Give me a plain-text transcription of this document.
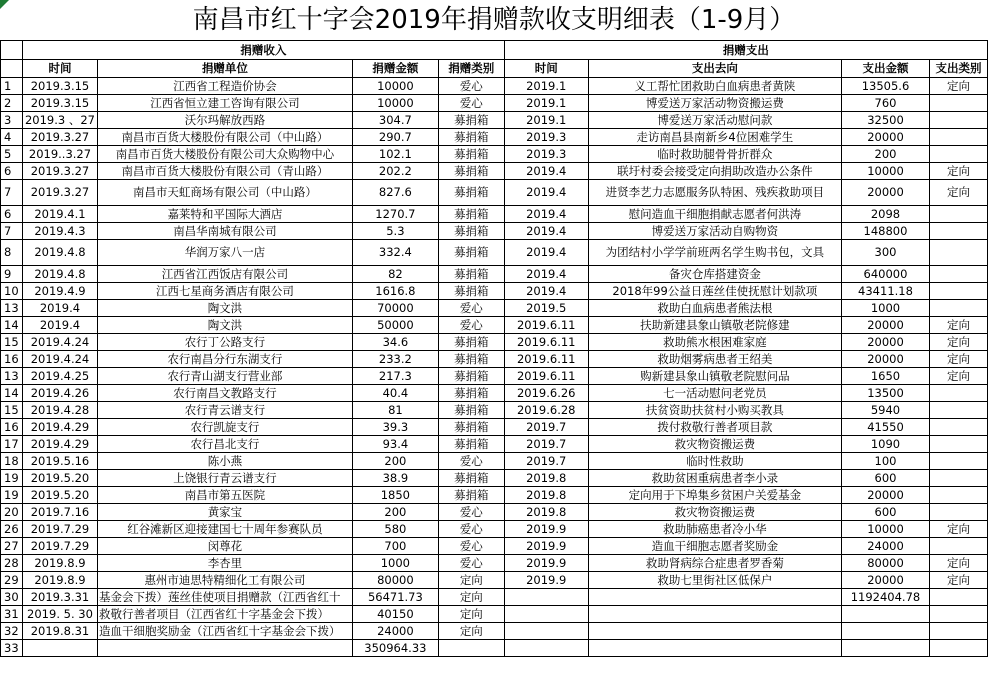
南昌市红十字会2019年捐赠款收支明细表（1-9月）
	捐赠收入				捐赠支出			
	时间	捐赠单位	捐赠金额	捐赠类别	时间	支出去向	支出金额	支出类别
1	2019.3.15	江西省工程造价协会	10000	爱心	2019.1	义工帮忙团救助白血病患者黄陕	13505.6	定向
2	2019.3.15	江西省恒立建工咨询有限公司	10000	爱心	2019.1	博爱送万家活动物资搬运费	760	
3	2019.3 、27	沃尔玛解放西路	304.7	募捐箱	2019.1	博爱送万家活动慰问款	32500	
4	2019.3.27	南昌市百货大楼股份有限公司（中山路）	290.7	募捐箱	2019.3	走访南昌县南新乡4位困难学生	20000	
5	2019..3.27	南昌市百货大楼股份有限公司大众购物中心	102.1	募捐箱	2019.3	临时救助腿骨骨折群众	200	
6	2019.3.27	南昌市百货大楼股份有限公司（青山路）	202.2	募捐箱	2019.4	联圩村委会接受定向捐助改造办公条件	10000	定向
7	2019.3.27	南昌市天虹商场有限公司（中山路）	827.6	募捐箱	2019.4	进贤李艺力志愿服务队特困、残疾救助项目	20000	定向
6	2019.4.1	嘉莱特和平国际大酒店	1270.7	募捐箱	2019.4	慰问造血干细胞捐献志愿者何洪涛	2098	
7	2019.4.3	南昌华南城有限公司	5.3	募捐箱	2019.4	博爱送万家活动自购物资	148800	
8	2019.4.8	华润万家八一店	332.4	募捐箱	2019.4	为团结村小学学前班两名学生购书包，文具	300	
9	2019.4.8	江西省江西饭店有限公司	82	募捐箱	2019.4	备灾仓库搭建资金	640000	
10	2019.4.9	江西七星商务酒店有限公司	1616.8	募捐箱	2019.4	2018年99公益日莲丝佳使抚慰计划款项	43411.18	
13	2019.4	陶文洪	70000	爱心	2019.5	救助白血病患者熊法根	1000	
14	2019.4	陶文洪	50000	爱心	2019.6.11	扶助新建县象山镇敬老院修建	20000	定向
15	2019.4.24	农行丁公路支行	34.6	募捐箱	2019.6.11	救助熊水根困难家庭	20000	定向
16	2019.4.24	农行南昌分行东湖支行	233.2	募捐箱	2019.6.11	救助烟雾病患者王绍美	20000	定向
13	2019.4.25	农行青山湖支行营业部	217.3	募捐箱	2019.6.11	购新建县象山镇敬老院慰问品	1650	定向
14	2019.4.26	农行南昌文教路支行	40.4	募捐箱	2019.6.26	七一活动慰问老党员	13500	
15	2019.4.28	农行青云谱支行	81	募捐箱	2019.6.28	扶贫资助扶贫村小购买教具	5940	
16	2019.4.29	农行凯旋支行	39.3	募捐箱	2019.7	拨付救敬行善者项目款	41550	
17	2019.4.29	农行昌北支行	93.4	募捐箱	2019.7	救灾物资搬运费	1090	
18	2019.5.16	陈小燕	200	爱心	2019.7	临时性救助	100	
19	2019.5.20	上饶银行青云谱支行	38.9	募捐箱	2019.8	救助贫困重病患者李小录	600	
19	2019.5.20	南昌市第五医院	1850	募捐箱	2019.8	定向用于下埠集乡贫困户关爱基金	20000	
20	2019.7.16	黄家宝	200	爱心	2019.8	救灾物资搬运费	600	
26	2019.7.29	红谷滩新区迎接建国七十周年参赛队员	580	爱心	2019.9	救助肺癌患者冷小华	10000	定向
27	2019.7.29	闵尊花	700	爱心	2019.9	造血干细胞志愿者奖励金	24000	
28	2019.8.9	李杏里	1000	爱心	2019.9	救助肾病综合症患者罗香菊	80000	定向
29	2019.8.9	惠州市迪思特精细化工有限公司	80000	定向	2019.9	救助七里街社区低保户	20000	定向
30	2019.3.31	基金会下拨）莲丝佳使项目捐赠款（江西省红十	56471.73	定向			1192404.78	
31	2019. 5. 30	救敬行善者项目（江西省红十字基金会下拨）	40150	定向				
32	2019.8.31	造血干细胞奖励金（江西省红十字基金会下拨）	24000	定向				
33			350964.33					
